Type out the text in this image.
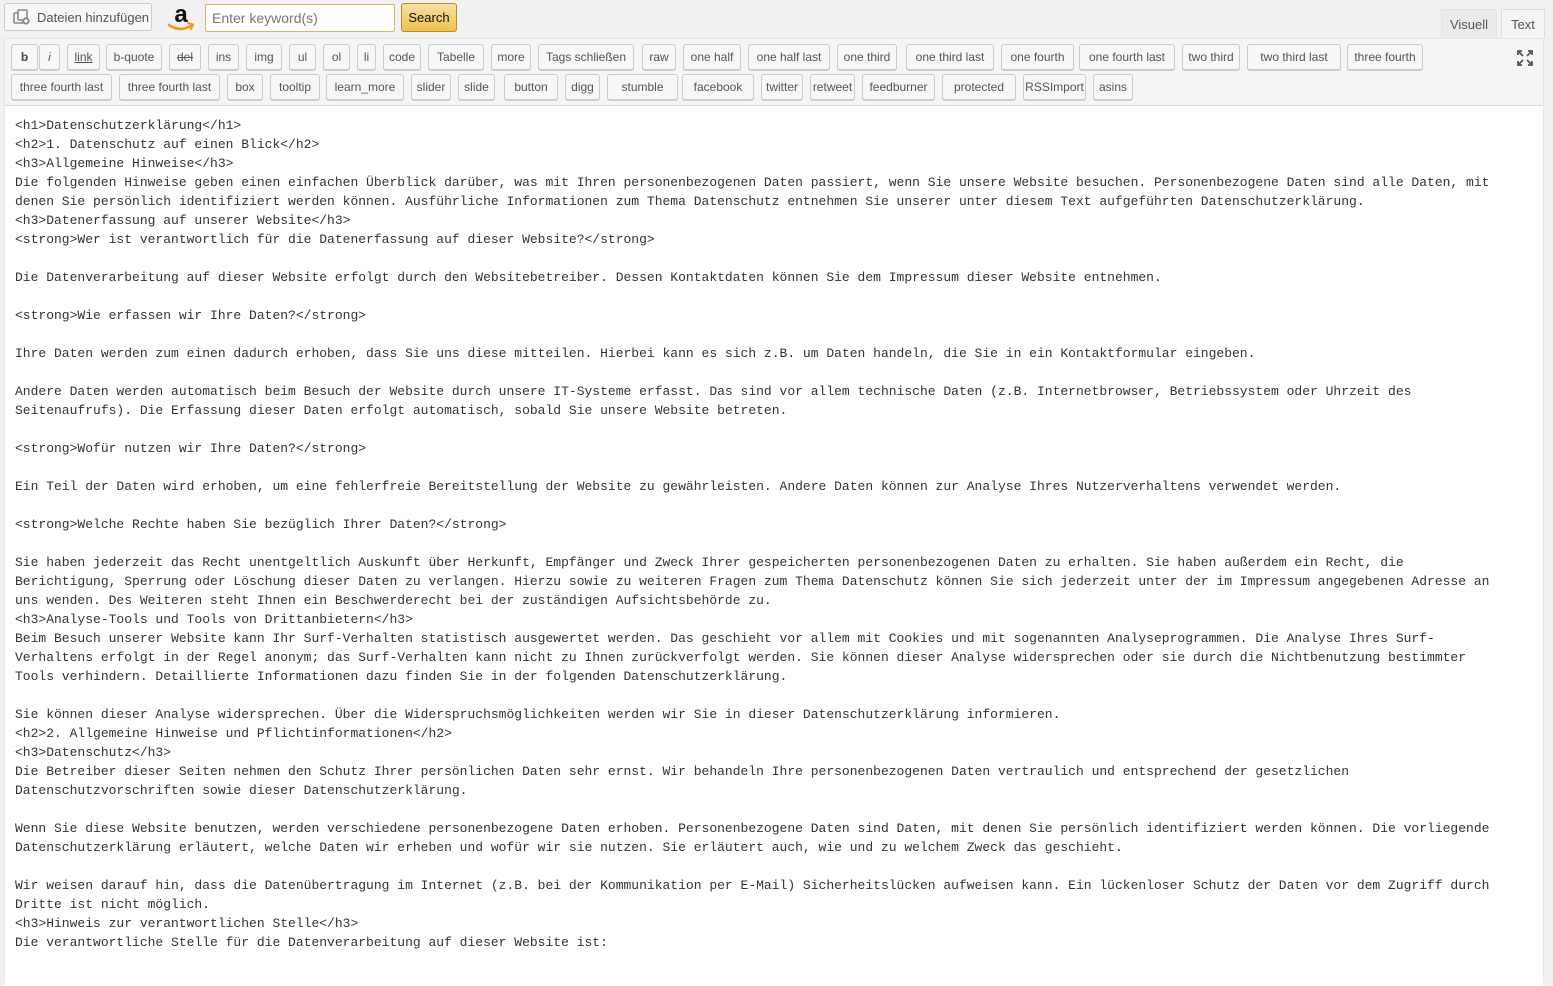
Dateien hinzufügen a
Enter keyword(s)	Search	Visuell	Text
b	i	link	b-quote	del	ins	img	ul	ol	li	code	Tabelle	more	Tags schließen	raw	one half	one half last	one third	one third last	one fourth	one fourth last	two third	two third last	three fourth
three fourth last	three fourth last	box	tooltip	learn_more	slider	slide	button	digg	stumble	facebook	twitter	retweet	feedburner	protected	RSSImport	asins
<h1>Datenschutzerklärung</h1>
<h2>1. Datenschutz auf einen Blick</h2>
<h3>Allgemeine Hinweise</h3>
Die folgenden Hinweise geben einen einfachen Überblick darüber, was mit Ihren personenbezogenen Daten passiert, wenn Sie unsere Website besuchen. Personenbezogene Daten sind alle Daten, mit
denen Sie persönlich identifiziert werden können. Ausführliche Informationen zum Thema Datenschutz entnehmen Sie unserer unter diesem Text aufgeführten Datenschutzerklärung.
<h3>Datenerfassung auf unserer Website</h3>
<strong>Wer ist verantwortlich für die Datenerfassung auf dieser Website?</strong>
Die Datenverarbeitung auf dieser Website erfolgt durch den Websitebetreiber. Dessen Kontaktdaten können Sie dem Impressum dieser Website entnehmen.
<strong>Wie erfassen wir Ihre Daten?</strong>
Ihre Daten werden zum einen dadurch erhoben, dass Sie uns diese mitteilen. Hierbei kann es sich z.B. um Daten handeln, die Sie in ein Kontaktformular eingeben.
Andere Daten werden automatisch beim Besuch der Website durch unsere IT-Systeme erfasst. Das sind vor allem technische Daten (z.B. Internetbrowser, Betriebssystem oder Uhrzeit des
Seitenaufrufs). Die Erfassung dieser Daten erfolgt automatisch, sobald Sie unsere Website betreten.
<strong>Wofür nutzen wir Ihre Daten?</strong>
Ein Teil der Daten wird erhoben, um eine fehlerfreie Bereitstellung der Website zu gewährleisten. Andere Daten können zur Analyse Ihres Nutzerverhaltens verwendet werden.
<strong>Welche Rechte haben Sie bezüglich Ihrer Daten?</strong>
Sie haben jederzeit das Recht unentgeltlich Auskunft über Herkunft, Empfänger und Zweck Ihrer gespeicherten personenbezogenen Daten zu erhalten. Sie haben außerdem ein Recht, die
Berichtigung, Sperrung oder Löschung dieser Daten zu verlangen. Hierzu sowie zu weiteren Fragen zum Thema Datenschutz können Sie sich jederzeit unter der im Impressum angegebenen Adresse an
uns wenden. Des Weiteren steht Ihnen ein Beschwerderecht bei der zuständigen Aufsichtsbehörde zu.
<h3>Analyse-Tools und Tools von Drittanbietern</h3>
Beim Besuch unserer Website kann Ihr Surf-Verhalten statistisch ausgewertet werden. Das geschieht vor allem mit Cookies und mit sogenannten Analyseprogrammen. Die Analyse Ihres Surf-
Verhaltens erfolgt in der Regel anonym; das Surf-Verhalten kann nicht zu Ihnen zurückverfolgt werden. Sie können dieser Analyse widersprechen oder sie durch die Nichtbenutzung bestimmter
Tools verhindern. Detaillierte Informationen dazu finden Sie in der folgenden Datenschutzerklärung.
Sie können dieser Analyse widersprechen. Über die Widerspruchsmöglichkeiten werden wir Sie in dieser Datenschutzerklärung informieren.
<h2>2. Allgemeine Hinweise und Pflichtinformationen</h2>
<h3>Datenschutz</h3>
Die Betreiber dieser Seiten nehmen den Schutz Ihrer persönlichen Daten sehr ernst. Wir behandeln Ihre personenbezogenen Daten vertraulich und entsprechend der gesetzlichen
Datenschutzvorschriften sowie dieser Datenschutzerklärung.
Wenn Sie diese Website benutzen, werden verschiedene personenbezogene Daten erhoben. Personenbezogene Daten sind Daten, mit denen Sie persönlich identifiziert werden können. Die vorliegende
Datenschutzerklärung erläutert, welche Daten wir erheben und wofür wir sie nutzen. Sie erläutert auch, wie und zu welchem Zweck das geschieht.
Wir weisen darauf hin, dass die Datenübertragung im Internet (z.B. bei der Kommunikation per E-Mail) Sicherheitslücken aufweisen kann. Ein lückenloser Schutz der Daten vor dem Zugriff durch
Dritte ist nicht möglich.
<h3>Hinweis zur verantwortlichen Stelle</h3>
Die verantwortliche Stelle für die Datenverarbeitung auf dieser Website ist:
